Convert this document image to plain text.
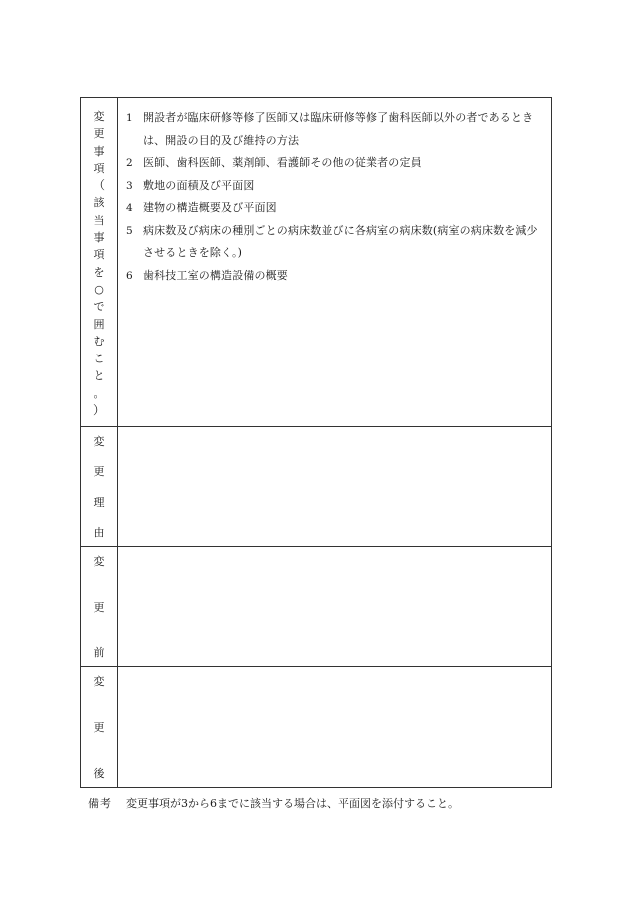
変
更
事
項
（
該
当
事
項
を
○
で
囲
む
こ
と
。
）
1 開設者が臨床研修等修了医師又は臨床研修等修了歯科医師以外の者であるときは、開設の目的及び維持の方法
2 医師、歯科医師、薬剤師、看護師その他の従業者の定員
3 敷地の面積及び平面図
4 建物の構造概要及び平面図
5 病床数及び病床の種別ごとの病床数並びに各病室の病床数(病室の病床数を減少させるときを除く。)
6 歯科技工室の構造設備の概要
変
更
理
由
変
更
前
変
更
後
備考	変更事項が3から6までに該当する場合は、平面図を添付すること。
